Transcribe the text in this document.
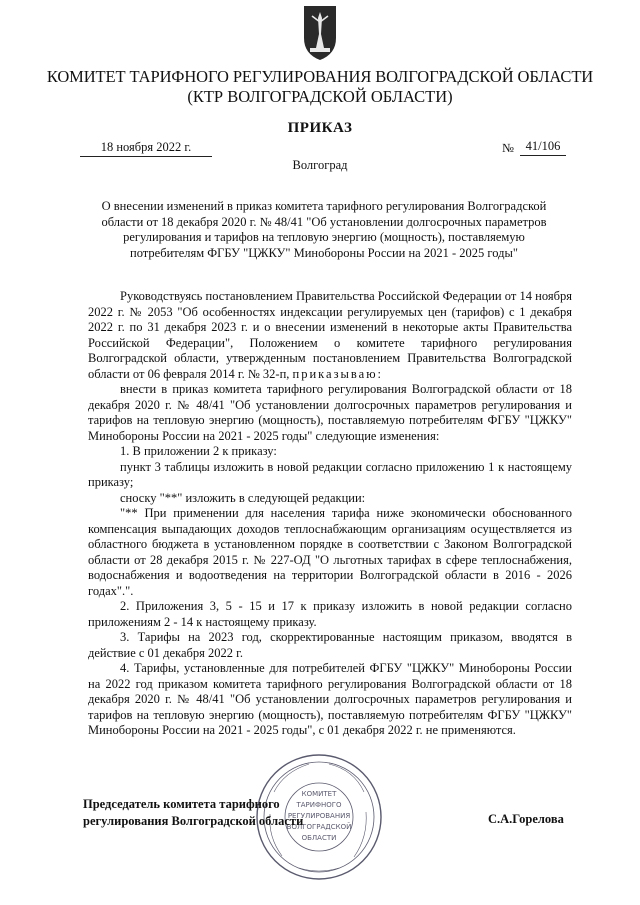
КОМИТЕТ ТАРИФНОГО РЕГУЛИРОВАНИЯ ВОЛГОГРАДСКОЙ ОБЛАСТИ
(КТР ВОЛГОГРАДСКОЙ ОБЛАСТИ)
ПРИКАЗ
18 ноября 2022 г.	№ 41/106
Волгоград
О внесении изменений в приказ комитета тарифного регулирования Волгоградской области от 18 декабря 2020 г. № 48/41 "Об установлении долгосрочных параметров регулирования и тарифов на тепловую энергию (мощность), поставляемую потребителям ФГБУ "ЦЖКУ" Минобороны России на 2021 - 2025 годы"

Руководствуясь постановлением Правительства Российской Федерации от 14 ноября 2022 г. № 2053 "Об особенностях индексации регулируемых цен (тарифов) с 1 декабря 2022 г. по 31 декабря 2023 г. и о внесении изменений в некоторые акты Правительства Российской Федерации", Положением о комитете тарифного регулирования Волгоградской области, утвержденным постановлением Правительства Волгоградской области от 06 февраля 2014 г. № 32-п, приказываю:

внести в приказ комитета тарифного регулирования Волгоградской области от 18 декабря 2020 г. № 48/41 "Об установлении долгосрочных параметров регулирования и тарифов на тепловую энергию (мощность), поставляемую потребителям ФГБУ "ЦЖКУ" Минобороны России на 2021 - 2025 годы" следующие изменения:

1. В приложении 2 к приказу:

пункт 3 таблицы изложить в новой редакции согласно приложению 1 к настоящему приказу;

сноску "**" изложить в следующей редакции:

"** При применении для населения тарифа ниже экономически обоснованного компенсация выпадающих доходов теплоснабжающим организациям осуществляется из областного бюджета в установленном порядке в соответствии с Законом Волгоградской области от 28 декабря 2015 г. № 227-ОД "О льготных тарифах в сфере теплоснабжения, водоснабжения и водоотведения на территории Волгоградской области в 2016 - 2026 годах".".

2. Приложения 3, 5 - 15 и 17 к приказу изложить в новой редакции согласно приложениям 2 - 14 к настоящему приказу.

3. Тарифы на 2023 год, скорректированные настоящим приказом, вводятся в действие с 01 декабря 2022 г.

4. Тарифы, установленные для потребителей ФГБУ "ЦЖКУ" Минобороны России на 2022 год приказом комитета тарифного регулирования Волгоградской области от 18 декабря 2020 г. № 48/41 "Об установлении долгосрочных параметров регулирования и тарифов на тепловую энергию (мощность), поставляемую потребителям ФГБУ "ЦЖКУ" Минобороны России на 2021 - 2025 годы", с 01 декабря 2022 г. не применяются.

КОМИТЕТ
ТАРИФНОГО
РЕГУЛИРОВАНИЯ
ВОЛГОГРАДСКОЙ
ОБЛАСТИ
Председатель комитета тарифного
регулирования Волгоградской области	С.А.Горелова
